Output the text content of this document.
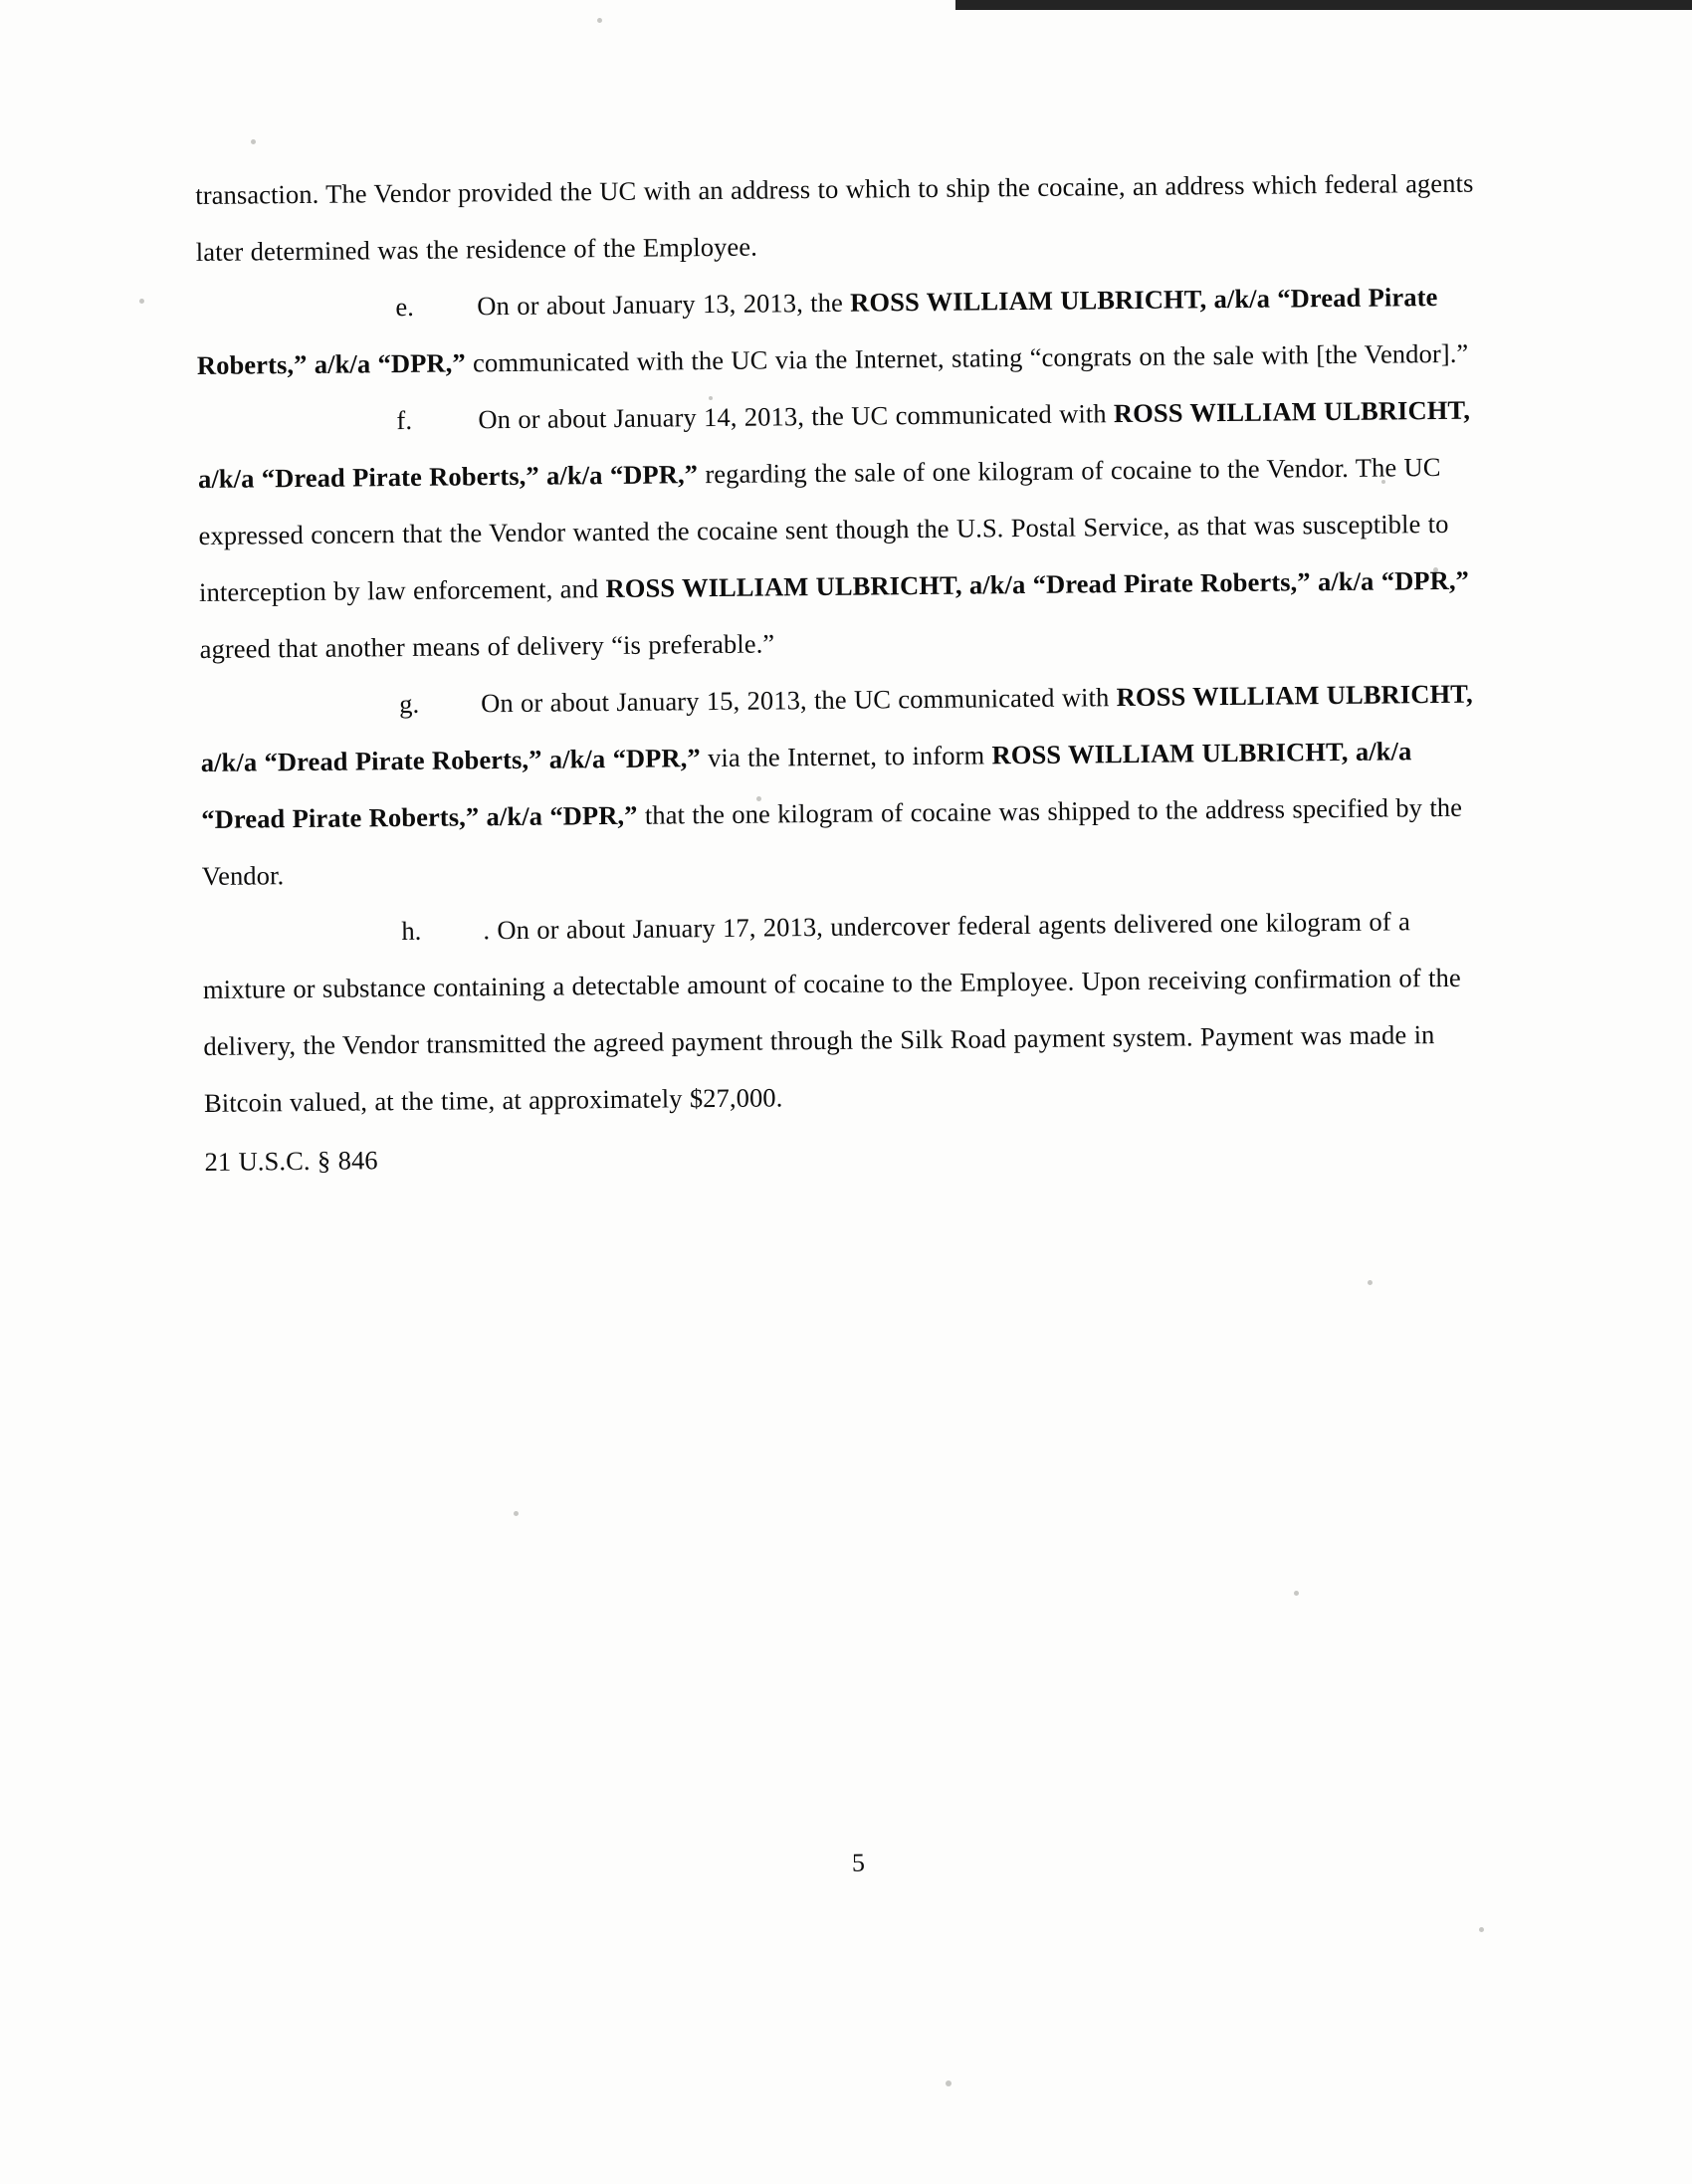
transaction. The Vendor provided the UC with an address to which to ship the cocaine, an address which federal agents later determined was the residence of the Employee.

e. On or about January 13, 2013, the ROSS WILLIAM ULBRICHT, a/k/a “Dread Pirate Roberts,” a/k/a “DPR,” communicated with the UC via the Internet, stating “congrats on the sale with [the Vendor].”

f. On or about January 14, 2013, the UC communicated with ROSS WILLIAM ULBRICHT, a/k/a “Dread Pirate Roberts,” a/k/a “DPR,” regarding the sale of one kilogram of cocaine to the Vendor. The UC expressed concern that the Vendor wanted the cocaine sent though the U.S. Postal Service, as that was susceptible to interception by law enforcement, and ROSS WILLIAM ULBRICHT, a/k/a “Dread Pirate Roberts,” a/k/a “DPR,” agreed that another means of delivery “is preferable.”

g. On or about January 15, 2013, the UC communicated with ROSS WILLIAM ULBRICHT, a/k/a “Dread Pirate Roberts,” a/k/a “DPR,” via the Internet, to inform ROSS WILLIAM ULBRICHT, a/k/a “Dread Pirate Roberts,” a/k/a “DPR,” that the one kilogram of cocaine was shipped to the address specified by the Vendor.

h. . On or about January 17, 2013, undercover federal agents delivered one kilogram of a mixture or substance containing a detectable amount of cocaine to the Employee. Upon receiving confirmation of the delivery, the Vendor transmitted the agreed payment through the Silk Road payment system. Payment was made in Bitcoin valued, at the time, at approximately $27,000.

21 U.S.C. § 846

5
